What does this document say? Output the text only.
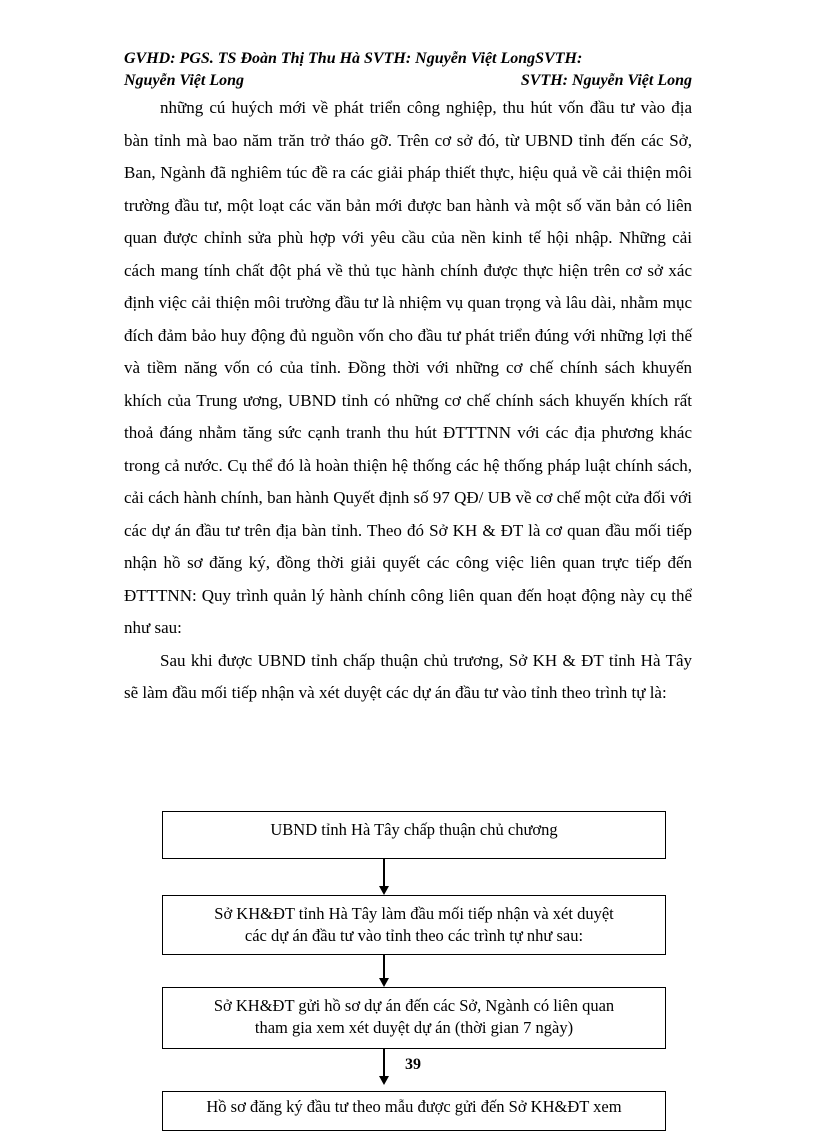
GVHD: PGS. TS Đoàn Thị Thu Hà SVTH: Nguyễn Việt LongSVTH:
Nguyễn Việt Long	SVTH: Nguyễn Việt Long

những cú huých mới về phát triển công nghiệp, thu hút vốn đầu tư vào địa bàn tỉnh mà bao năm trăn trở tháo gỡ. Trên cơ sở đó, từ UBND tỉnh đến các Sở, Ban, Ngành đã nghiêm túc đề ra các giải pháp thiết thực, hiệu quả về cải thiện môi trường đầu tư, một loạt các văn bản mới được ban hành và một số văn bản có liên quan được chỉnh sửa phù hợp với yêu cầu của nền kinh tế hội nhập. Những cải cách mang tính chất đột phá về thủ tục hành chính được thực hiện trên cơ sở xác định việc cải thiện môi trường đầu tư là nhiệm vụ quan trọng và lâu dài, nhằm mục đích đảm bảo huy động đủ nguồn vốn cho đầu tư phát triển đúng với những lợi thế và tiềm năng vốn có của tỉnh. Đồng thời với những cơ chế chính sách khuyến khích của Trung ương, UBND tỉnh có những cơ chế chính sách khuyến khích rất thoả đáng nhằm tăng sức cạnh tranh thu hút ĐTTTNN với các địa phương khác trong cả nước. Cụ thể đó là hoàn thiện hệ thống các hệ thống pháp luật chính sách, cải cách hành chính, ban hành Quyết định số 97 QĐ/ UB về cơ chế một cửa đối với các dự án đầu tư trên địa bàn tỉnh. Theo đó Sở KH & ĐT là cơ quan đầu mối tiếp nhận hồ sơ đăng ký, đồng thời giải quyết các công việc liên quan trực tiếp đến ĐTTTNN: Quy trình quản lý hành chính công liên quan đến hoạt động này cụ thể như sau:

Sau khi được UBND tỉnh chấp thuận chủ trương, Sở KH & ĐT tỉnh Hà Tây sẽ làm đầu mối tiếp nhận và xét duyệt các dự án đầu tư vào tỉnh theo trình tự là:

UBND tỉnh Hà Tây chấp thuận chủ chương
Sở KH&ĐT tỉnh Hà Tây làm đầu mối tiếp nhận và xét duyệt
các dự án đầu tư vào tỉnh theo các trình tự như sau:
Sở KH&ĐT gửi hồ sơ dự án đến các Sở, Ngành có liên quan
tham gia xem xét duyệt dự án (thời gian 7 ngày)
39
Hồ sơ đăng ký đầu tư theo mẫu được gửi đến Sở KH&ĐT xem
